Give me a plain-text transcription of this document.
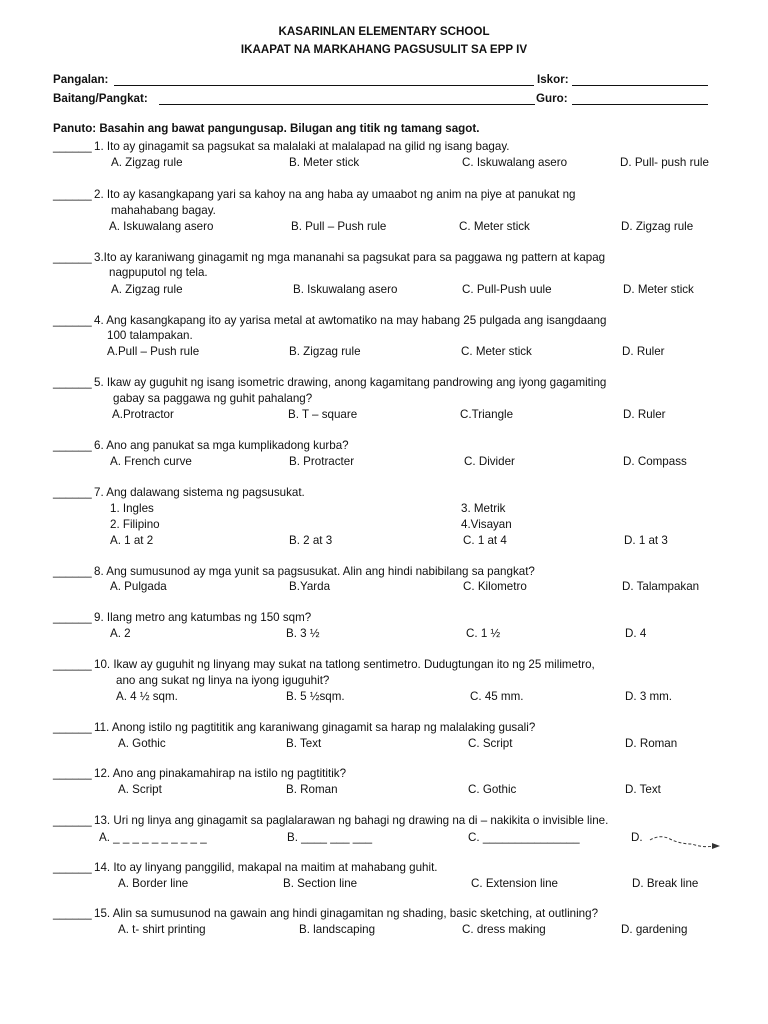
KASARINLAN ELEMENTARY SCHOOL
IKAAPAT NA MARKAHANG PAGSUSULIT SA EPP IV
Pangalan:	Iskor:
Baitang/Pangkat:	Guro:
Panuto: Basahin ang bawat pangungusap. Bilugan ang titik ng tamang sagot.
______ 1. Ito ay ginagamit sa pagsukat sa malalaki at malalapad na gilid ng isang bagay.
A. Zigzag rule	B. Meter stick	C. Iskuwalang asero	D. Pull- push rule
______ 2. Ito ay kasangkapang yari sa kahoy na ang haba ay umaabot ng anim na piye at panukat ng
mahahabang bagay.
A. Iskuwalang asero	B. Pull – Push rule	C. Meter stick	D. Zigzag rule
______ 3.Ito ay karaniwang ginagamit ng mga mananahi sa pagsukat para sa paggawa ng pattern at kapag
nagpuputol ng tela.
A. Zigzag rule	B. Iskuwalang asero	C. Pull-Push uule	D. Meter stick
______ 4. Ang kasangkapang ito ay yarisa metal at awtomatiko na may habang 25 pulgada ang isangdaang
100 talampakan.
A.Pull – Push rule	B. Zigzag rule	C. Meter stick	D. Ruler
______ 5. Ikaw ay guguhit ng isang isometric drawing, anong kagamitang pandrowing ang iyong gagamiting
gabay sa paggawa ng guhit pahalang?
A.Protractor	B. T – square	C.Triangle	D. Ruler
______ 6. Ano ang panukat sa mga kumplikadong kurba?
A. French curve	B. Protracter	C. Divider	D. Compass
______ 7. Ang dalawang sistema ng pagsusukat.
1. Ingles	3. Metrik
2. Filipino	4.Visayan
A. 1 at 2	B. 2 at 3	C. 1 at 4	D. 1 at 3
______ 8. Ang sumusunod ay mga yunit sa pagsusukat. Alin ang hindi nabibilang sa pangkat?
A. Pulgada	B.Yarda	C. Kilometro	D. Talampakan
______ 9. Ilang metro ang katumbas ng 150 sqm?
A. 2	B. 3 ½	C. 1 ½	D. 4
______ 10. Ikaw ay guguhit ng linyang may sukat na tatlong sentimetro. Dudugtungan ito ng 25 milimetro,
ano ang sukat ng linya na iyong iguguhit?
A. 4 ½ sqm.	B. 5 ½sqm.	C. 45 mm.	D. 3 mm.
______ 11. Anong istilo ng pagtititik ang karaniwang ginagamit sa harap ng malalaking gusali?
A. Gothic	B. Text	C. Script	D. Roman
______ 12. Ano ang pinakamahirap na istilo ng pagtititik?
A. Script	B. Roman	C. Gothic	D. Text
______ 13. Uri ng linya ang ginagamit sa paglalarawan ng bahagi ng drawing na di – nakikita o invisible line.
A. _ _ _ _ _ _ _ _ _ _	B. ____ ___ ___	C. _______________	D.
______ 14. Ito ay linyang panggilid, makapal na maitim at mahabang guhit.
A. Border line	B. Section line	C. Extension line	D. Break line
______ 15. Alin sa sumusunod na gawain ang hindi ginagamitan ng shading, basic sketching, at outlining?
A. t- shirt printing	B. landscaping	C. dress making	D. gardening
